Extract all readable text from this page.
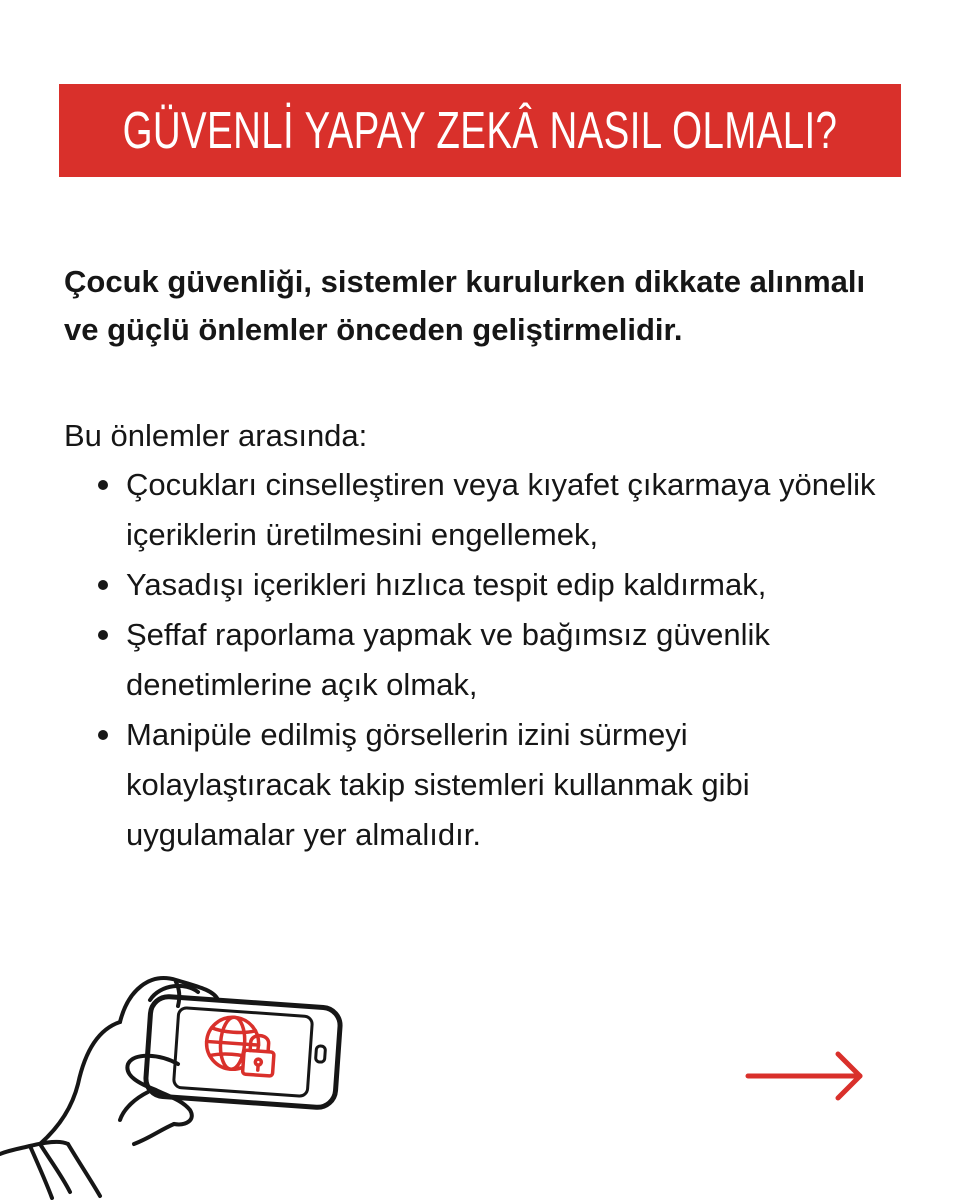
GÜVENLİ YAPAY ZEKÂ NASIL OLMALI?

Çocuk güvenliği, sistemler kurulurken dikkate alınmalı ve güçlü önlemler önceden geliştirmelidir.

Bu önlemler arasında:

Çocukları cinselleştiren veya kıyafet çıkarmaya yönelik içeriklerin üretilmesini engellemek,
Yasadışı içerikleri hızlıca tespit edip kaldırmak,
Şeffaf raporlama yapmak ve bağımsız güvenlik denetimlerine açık olmak,
Manipüle edilmiş görsellerin izini sürmeyi kolaylaştıracak takip sistemleri kullanmak gibi uygulamalar yer almalıdır.
